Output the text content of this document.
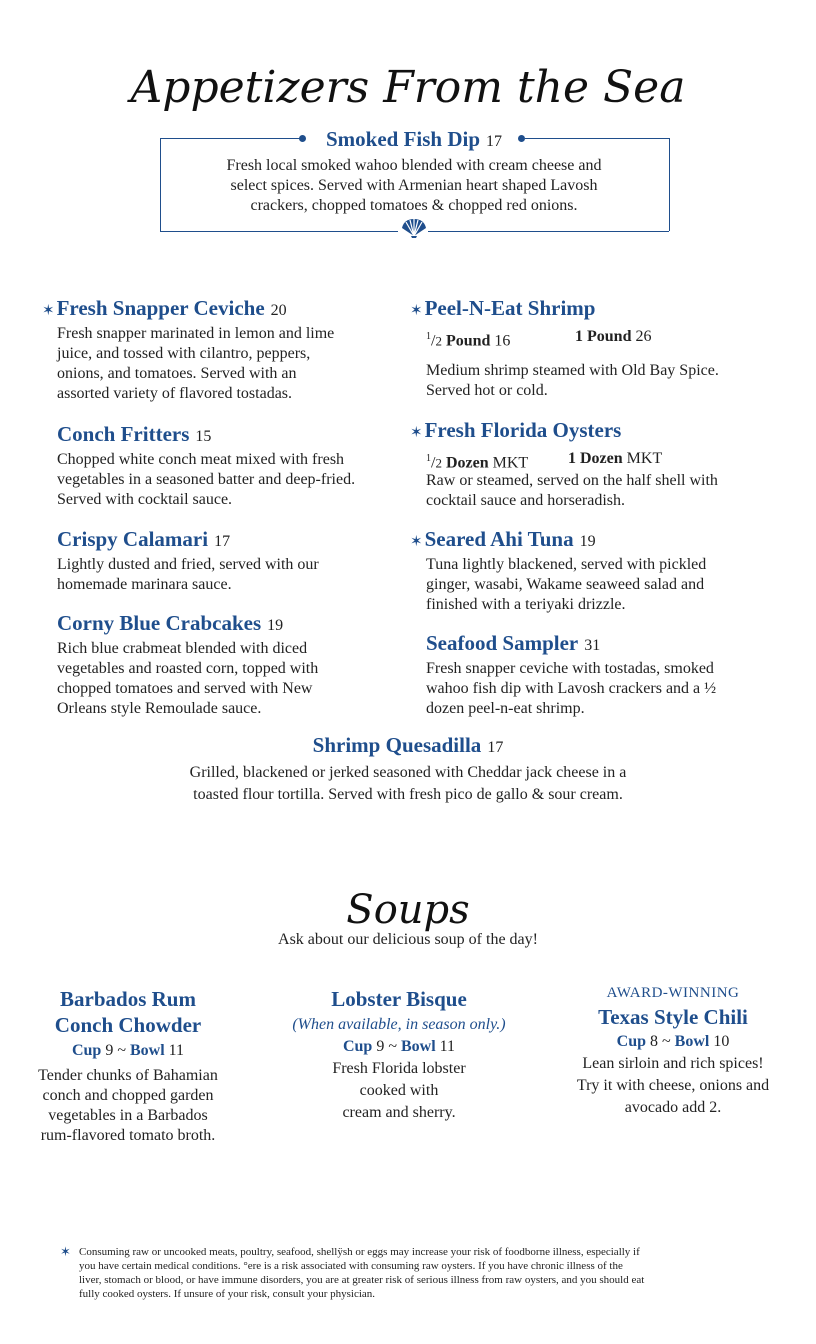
Appetizers From the Sea
Smoked Fish Dip 17
Fresh local smoked wahoo blended with cream cheese and
select spices. Served with Armenian heart shaped Lavosh
crackers, chopped tomatoes & chopped red onions.
✶Fresh Snapper Ceviche 20
Fresh snapper marinated in lemon and lime
juice, and tossed with cilantro, peppers,
onions, and tomatoes. Served with an
assorted variety of flavored tostadas.
Conch Fritters 15
Chopped white conch meat mixed with fresh
vegetables in a seasoned batter and deep-fried.
Served with cocktail sauce.
Crispy Calamari 17
Lightly dusted and fried, served with our
homemade marinara sauce.
Corny Blue Crabcakes 19
Rich blue crabmeat blended with diced
vegetables and roasted corn, topped with
chopped tomatoes and served with New
Orleans style Remoulade sauce.
✶Peel-N-Eat Shrimp
$^1$/2 Pound 16	1 Pound 26
Medium shrimp steamed with Old Bay Spice.
Served hot or cold.
✶Fresh Florida Oysters
$^1$/2 Dozen MKT 1 Dozen MKT
Raw or steamed, served on the half shell with
cocktail sauce and horseradish.
✶Seared Ahi Tuna 19
Tuna lightly blackened, served with pickled
ginger, wasabi, Wakame seaweed salad and
finished with a teriyaki drizzle.
Seafood Sampler 31
Fresh snapper ceviche with tostadas, smoked
wahoo fish dip with Lavosh crackers and a ½
dozen peel-n-eat shrimp.
Shrimp Quesadilla 17
Grilled, blackened or jerked seasoned with Cheddar jack cheese in a
toasted flour tortilla. Served with fresh pico de gallo & sour cream.
Soups
Ask about our delicious soup of the day!
Barbados Rum
Conch Chowder
Cup 9 ~ Bowl 11
Tender chunks of Bahamian
conch and chopped garden
vegetables in a Barbados
rum-flavored tomato broth.
Lobster Bisque
(When available, in season only.)
Cup 9 ~ Bowl 11
Fresh Florida lobster
cooked with
cream and sherry.
AWARD-WINNING
Texas Style Chili
Cup 8 ~ Bowl 10
Lean sirloin and rich spices!
Try it with cheese, onions and
avocado add 2.
✶ Consuming raw or uncooked meats, poultry, seafood, shellÿsh or eggs may increase your risk of foodborne illness, especially if
you have certain medical conditions. °ere is a risk associated with consuming raw oysters. If you have chronic illness of the
liver, stomach or blood, or have immune disorders, you are at greater risk of serious illness from raw oysters, and you should eat
fully cooked oysters. If unsure of your risk, consult your physician.
